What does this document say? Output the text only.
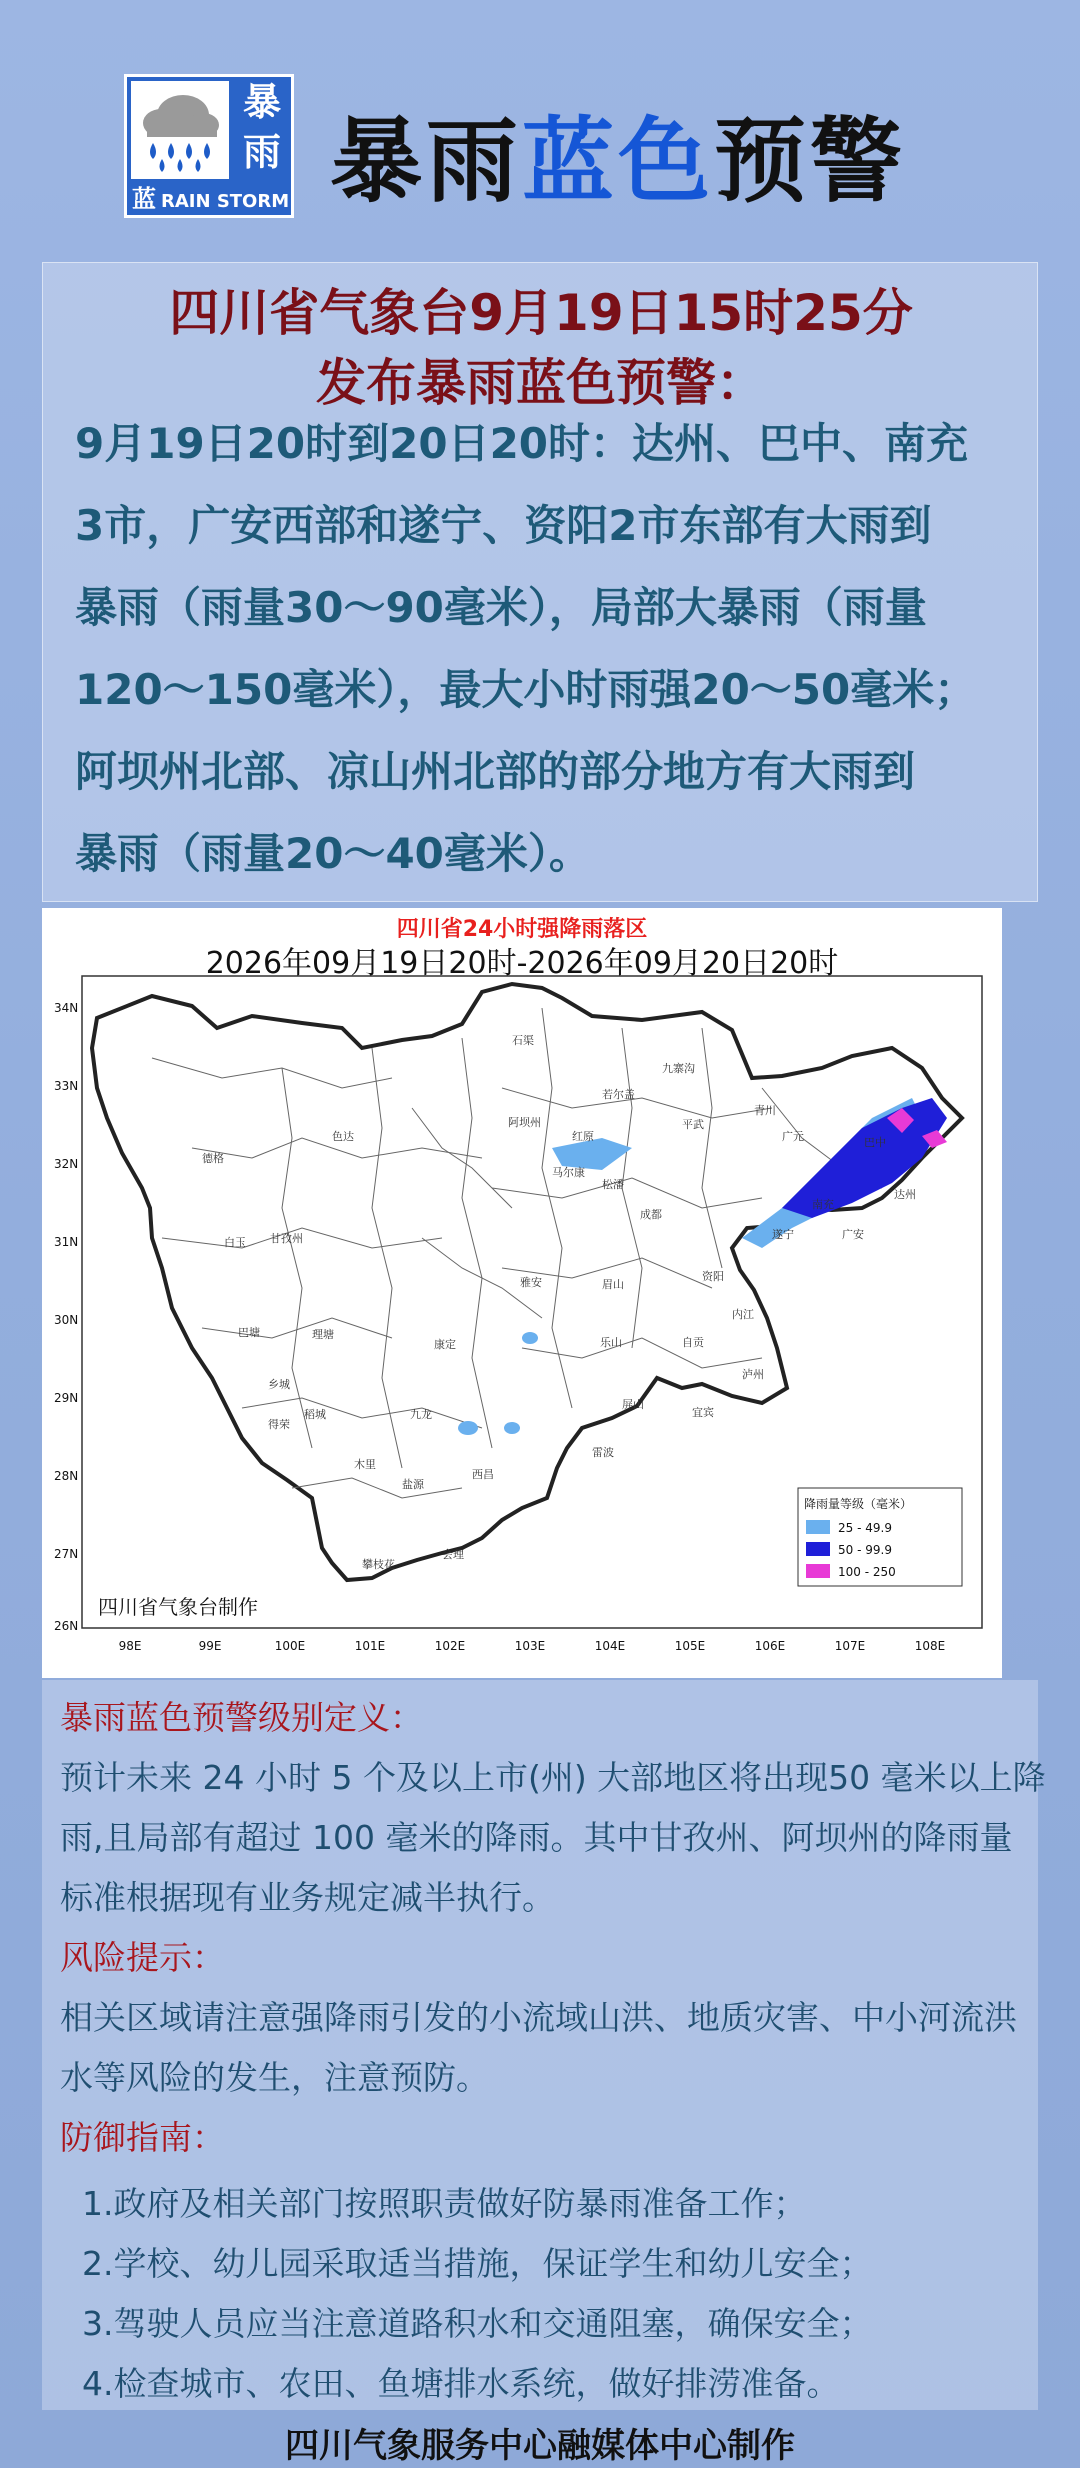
暴
雨
蓝 RAIN STORM 暴雨蓝色预警
四川省气象台9月19日15时25分
发布暴雨蓝色预警：
9月19日20时到20日20时：达州、巴中、南充
3市，广安西部和遂宁、资阳2市东部有大雨到
暴雨（雨量30～90毫米），局部大暴雨（雨量
120～150毫米），最大小时雨强20～50毫米；
阿坝州北部、凉山州北部的部分地方有大雨到
暴雨（雨量20～40毫米）。
四川省24小时强降雨落区
2026年09月19日20时-2026年09月20日20时
34N
33N
32N
31N
30N
29N
28N
27N
26N
98E	99E	100E	101E	102E	103E	104E	105E	106E	107E	108E
石渠
色达
甘孜州
德格
白玉
巴塘	理塘
乡城
稻城
得荣
木里
九龙
康定
阿坝州
马尔康
红原
若尔盖
九寨沟
松潘
平武
青川
广元	巴中
达州
南充
广安
遂宁
资阳
成都
雅安
乐山
眉山
宜宾
泸州
自贡
内江
西昌
会理
盐源
攀枝花
雷波
屏山
降雨量等级（毫米）
25 - 49.9
50 - 99.9
100 - 250
四川省气象台制作
暴雨蓝色预警级别定义：
预计未来 24 小时 5 个及以上市(州) 大部地区将出现50 毫米以上降
雨,且局部有超过 100 毫米的降雨。其中甘孜州、阿坝州的降雨量
标准根据现有业务规定减半执行。
风险提示：
相关区域请注意强降雨引发的小流域山洪、地质灾害、中小河流洪
水等风险的发生，注意预防。
防御指南：
1.政府及相关部门按照职责做好防暴雨准备工作；
2.学校、幼儿园采取适当措施，保证学生和幼儿安全；
3.驾驶人员应当注意道路积水和交通阻塞，确保安全；
4.检查城市、农田、鱼塘排水系统，做好排涝准备。
四川气象服务中心融媒体中心制作
